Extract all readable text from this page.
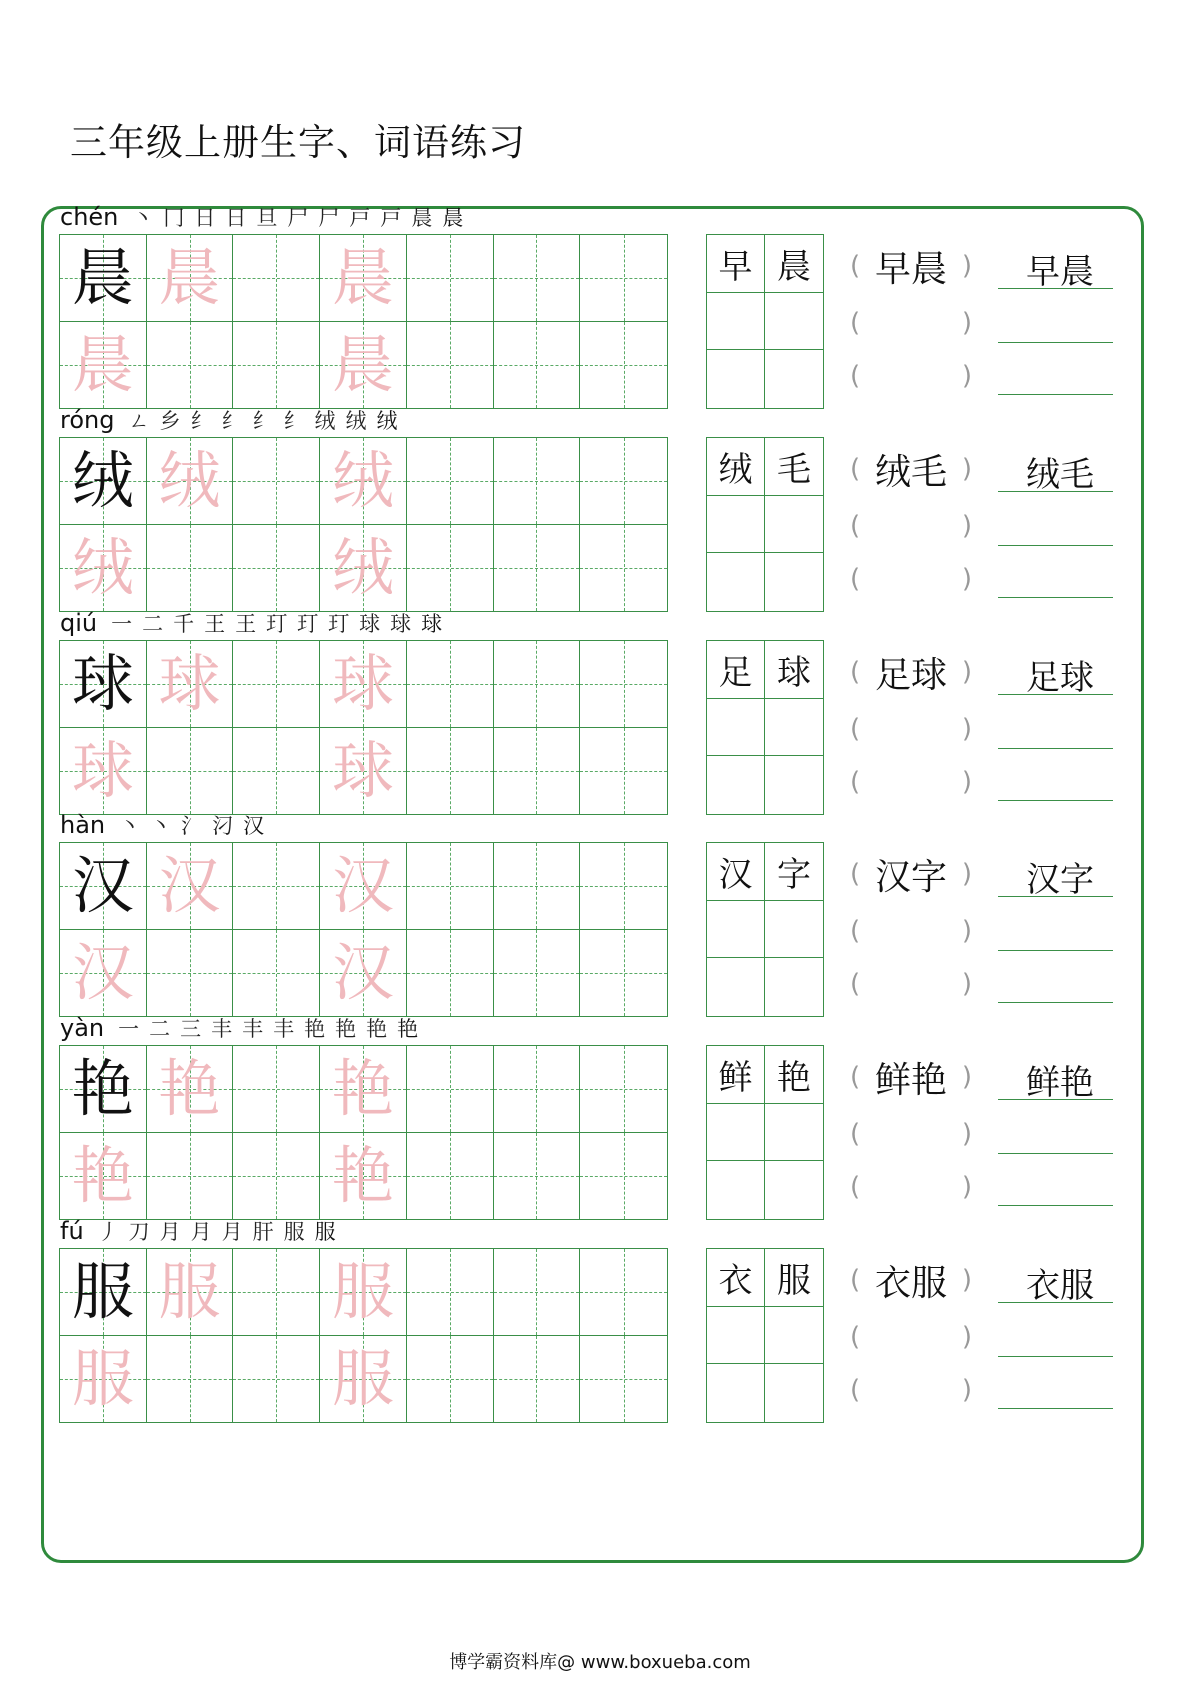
三年级上册生字、词语练习
chén 丶 冂 日 日 旦 尸 尸 戸 戸 晨 晨
晨 晨 晨
晨	晨
早 晨	( 早晨 )
(	)
(	)
早晨
róng ㄥ 乡 纟 纟 纟 纟 绒 绒 绒
绒 绒 绒
绒	绒
绒 毛	( 绒毛 )
(	)
(	)
绒毛
qiú 一 二 千 王 王 玎 玎 玎 球 球 球
球 球 球
球	球
足 球	( 足球 )
(	)
(	)
足球
hàn 丶 丶 氵 汈 汉
汉 汉 汉
汉	汉
汉 字	( 汉字 )
(	)
(	)
汉字
yàn 一 二 三 丰 丰 丰 艳 艳 艳 艳
艳 艳 艳
艳	艳
鲜 艳	( 鲜艳 )
(	)
(	)
鲜艳
fú 丿 刀 月 月 月 肝 服 服
服 服 服
服	服
衣 服	( 衣服 )
(	)
(	)
衣服
博学霸资料库@ www.boxueba.com
